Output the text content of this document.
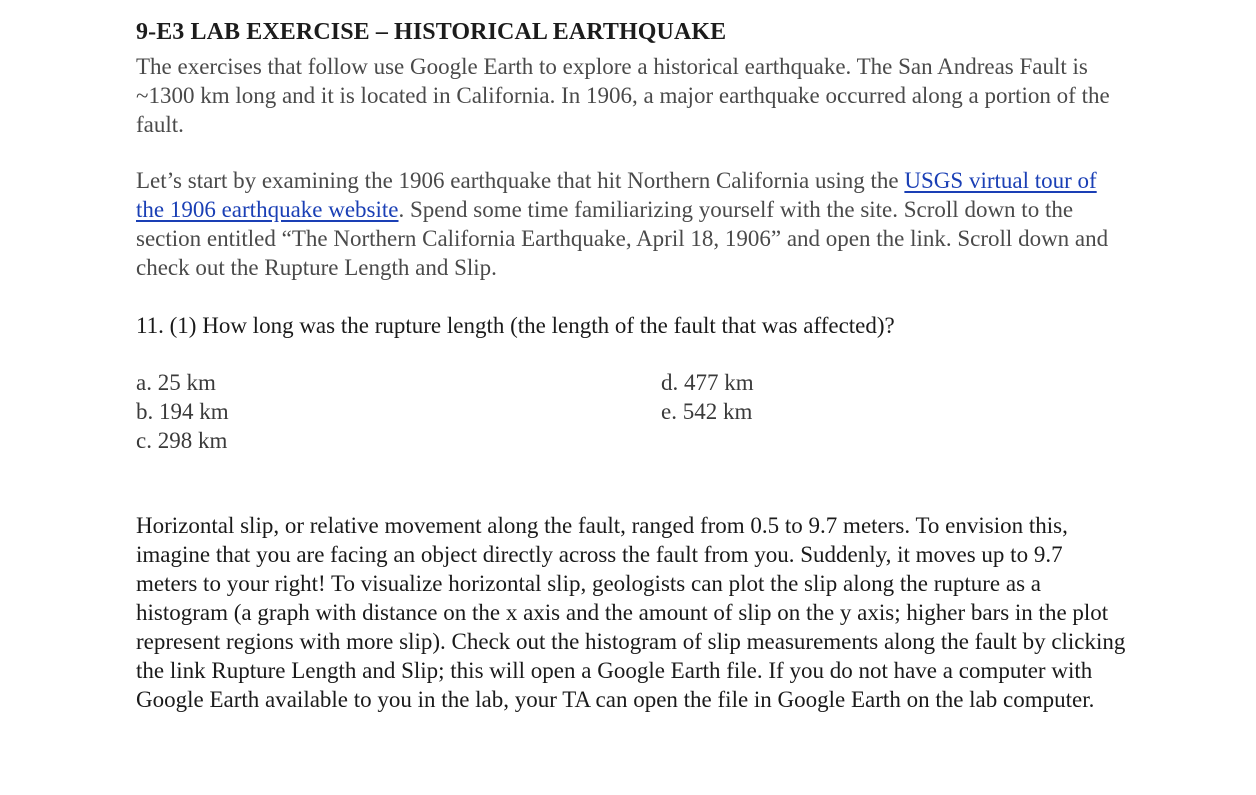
9-E3 LAB EXERCISE – HISTORICAL EARTHQUAKE

The exercises that follow use Google Earth to explore a historical earthquake. The San Andreas Fault is ~1300 km long and it is located in California. In 1906, a major earthquake occurred along a portion of the fault.

Let’s start by examining the 1906 earthquake that hit Northern California using the USGS virtual tour of the 1906 earthquake website. Spend some time familiarizing yourself with the site. Scroll down to the section entitled “The Northern California Earthquake, April 18, 1906” and open the link. Scroll down and check out the Rupture Length and Slip.

11. (1) How long was the rupture length (the length of the fault that was affected)?

a. 25 km
b. 194 km
c. 298 km
d. 477 km
e. 542 km

Horizontal slip, or relative movement along the fault, ranged from 0.5 to 9.7 meters. To envision this, imagine that you are facing an object directly across the fault from you. Suddenly, it moves up to 9.7 meters to your right! To visualize horizontal slip, geologists can plot the slip along the rupture as a histogram (a graph with distance on the x axis and the amount of slip on the y axis; higher bars in the plot represent regions with more slip). Check out the histogram of slip measurements along the fault by clicking the link Rupture Length and Slip; this will open a Google Earth file. If you do not have a computer with Google Earth available to you in the lab, your TA can open the file in Google Earth on the lab computer.
